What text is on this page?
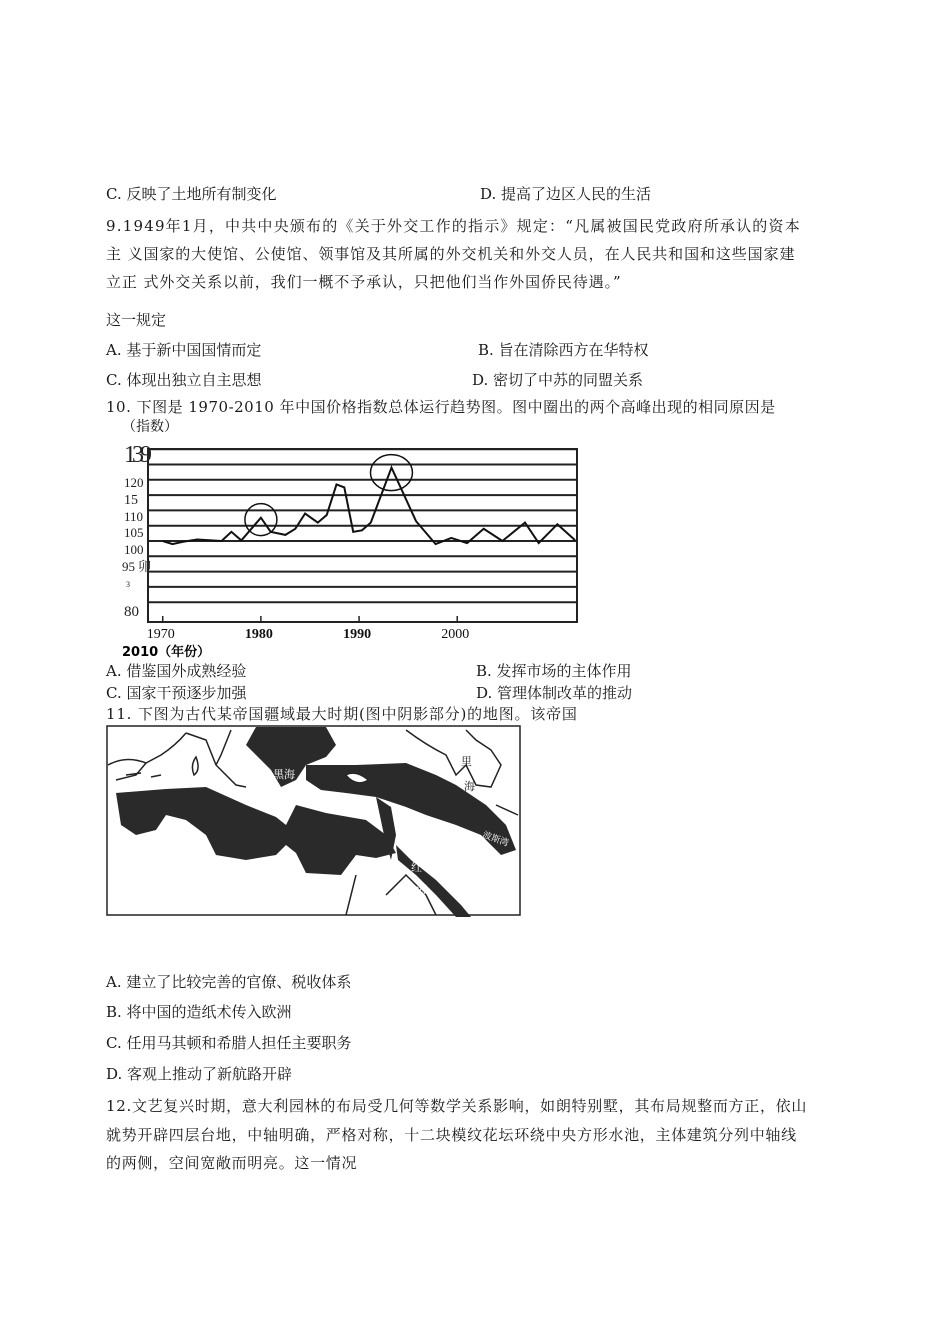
C. 反映了土地所有制变化	D. 提高了边区人民的生活
9.1949年1月，中共中央颁布的《关于外交工作的指示》规定：“凡属被国民党政府所承认的资本
主 义国家的大使馆、公使馆、领事馆及其所属的外交机关和外交人员，在人民共和国和这些国家建
立正 式外交关系以前，我们一概不予承认，只把他们当作外国侨民待遇。”
这一规定
A. 基于新中国国情而定	B. 旨在清除西方在华特权
C. 体现出独立自主思想	D. 密切了中苏的同盟关系
10. 下图是 1970-2010 年中国价格指数总体运行趋势图。图中圈出的两个高峰出现的相同原因是
139
120
15
110
105
100
95 卯
3
80
1970	1980	1990	2000
（指数）
2010（年份）
A. 借鉴国外成熟经验	B. 发挥市场的主体作用
C. 国家干预逐步加强	D. 管理体制改革的推动
11. 下图为古代某帝国疆域最大时期(图中阴影部分)的地图。该帝国
黑海
里
海
红
海
波斯湾
A. 建立了比较完善的官僚、税收体系
B. 将中国的造纸术传入欧洲
C. 任用马其顿和希腊人担任主要职务
D. 客观上推动了新航路开辟
12.文艺复兴时期，意大利园林的布局受几何等数学关系影响，如朗特别墅，其布局规整而方正，依山
就势开辟四层台地，中轴明确，严格对称，十二块模纹花坛环绕中央方形水池，主体建筑分列中轴线
的两侧，空间宽敞而明亮。这一情况
